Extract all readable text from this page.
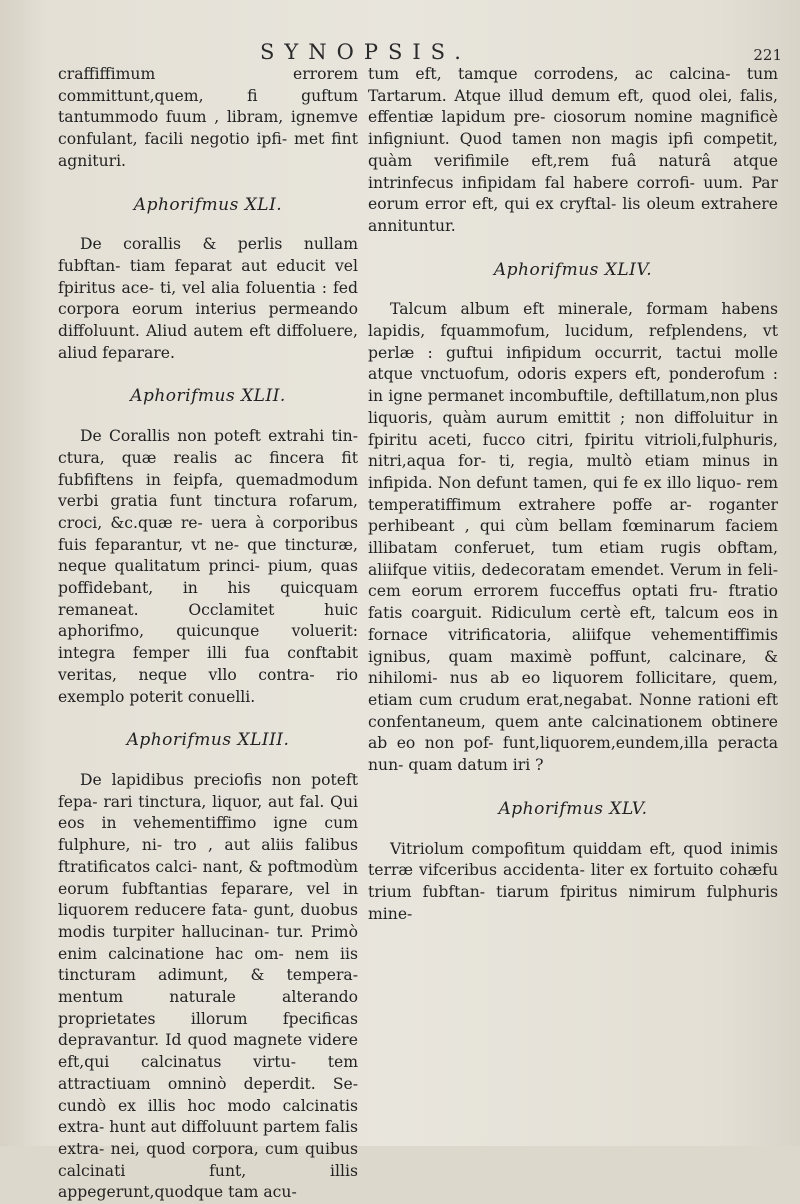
SYNOPSIS.	221

craffiffimum errorem committunt,quem, fi guftum tantummodo fuum , libram, ignemve confulant, facili negotio ipfi- met fint agnituri.

Aphorifmus XLI.

De corallis & perlis nullam fubftan- tiam feparat aut educit vel fpiritus ace- ti, vel alia foluentia : fed corpora eorum interius permeando diffoluunt. Aliud autem eft diffoluere, aliud feparare.

Aphorifmus XLII.

De Corallis non poteft extrahi tin- ctura, quæ realis ac fincera fit fubfiftens in feipfa, quemadmodum verbi gratia funt tinctura rofarum, croci, &c.quæ re- uera à corporibus fuis feparantur, vt ne- que tincturæ, neque qualitatum princi- pium, quas poffidebant, in his quicquam remaneat. Occlamitet huic aphorifmo, quicunque voluerit: integra femper illi fua conftabit veritas, neque vllo contra- rio exemplo poterit conuelli.

Aphorifmus XLIII.

De lapidibus preciofis non poteft fepa- rari tinctura, liquor, aut fal. Qui eos in vehementiffimo igne cum fulphure, ni- tro , aut aliis falibus ftratificatos calci- nant, & poftmodùm eorum fubftantias feparare, vel in liquorem reducere fata- gunt, duobus modis turpiter hallucinan- tur. Primò enim calcinatione hac om- nem iis tincturam adimunt, & tempera- mentum naturale alterando proprietates illorum fpecificas depravantur. Id quod magnete videre eft,qui calcinatus virtu- tem attractiuam omninò deperdit. Se- cundò ex illis hoc modo calcinatis extra- hunt aut diffoluunt partem falis extra- nei, quod corpora, cum quibus calcinati funt, illis appegerunt,quodque tam acu-

tum eft, tamque corrodens, ac calcina- tum Tartarum. Atque illud demum eft, quod olei, falis, effentiæ lapidum pre- ciosorum nomine magnificè infigniunt. Quod tamen non magis ipfi competit, quàm verifimile eft,rem fuâ naturâ atque intrinfecus infipidam fal habere corrofi- uum. Par eorum error eft, qui ex cryftal- lis oleum extrahere annituntur.

Aphorifmus XLIV.

Talcum album eft minerale, formam habens lapidis, fquammofum, lucidum, refplendens, vt perlæ : guftui infipidum occurrit, tactui molle atque vnctuofum, odoris expers eft, ponderofum : in igne permanet incombuftile, deftillatum,non plus liquoris, quàm aurum emittit ; non diffoluitur in fpiritu aceti, fucco citri, fpiritu vitrioli,fulphuris, nitri,aqua for- ti, regia, multò etiam minus in infipida. Non defunt tamen, qui fe ex illo liquo- rem temperatiffimum extrahere poffe ar- roganter perhibeant , qui cùm bellam fœminarum faciem illibatam conferuet, tum etiam rugis obftam, aliifque vitiis, dedecoratam emendet. Verum in feli- cem eorum errorem fucceffus optati fru- ftratio fatis coarguit. Ridiculum certè eft, talcum eos in fornace vitrificatoria, aliifque vehementiffimis ignibus, quam maximè poffunt, calcinare, & nihilomi- nus ab eo liquorem follicitare, quem, etiam cum crudum erat,negabat. Nonne rationi eft confentaneum, quem ante calcinationem obtinere ab eo non pof- funt,liquorem,eundem,illa peracta nun- quam datum iri ?

Aphorifmus XLV.

Vitriolum compofitum quiddam eft, quod inimis terræ vifceribus accidenta- liter ex fortuito cohæfu trium fubftan- tiarum fpiritus nimirum fulphuris mine-
